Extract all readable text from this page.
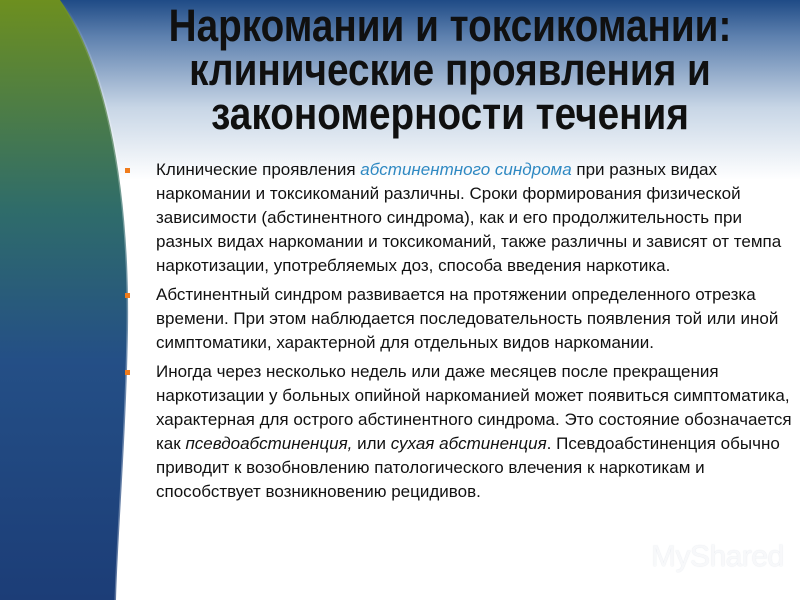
Наркомании и токсикомании:
клинические проявления и
закономерности течения
Клинические проявления абстинентного синдрома при разных видах наркомании и токсикоманий различны. Сроки формирования физической зависимости (абстинентного синдрома), как и его продолжительность при разных видах наркомании и токсикоманий, также различны и зависят от темпа наркотизации, употребляемых доз, способа введения наркотика.
Абстинентный синдром развивается на протяжении определенного отрезка времени. При этом наблюдается последовательность появления той или иной симптоматики, характерной для отдельных видов наркомании.
Иногда через несколько недель или даже месяцев после прекращения наркотизации у больных опийной наркоманией может появиться симптоматика, характерная для острого абстинентного синдрома. Это состояние обозначается как псевдоабстиненция, или сухая абстиненция. Псевдоабстиненция обычно приводит к возобновлению патологического влечения к наркотикам и способствует возникновению рецидивов.
MyShared
